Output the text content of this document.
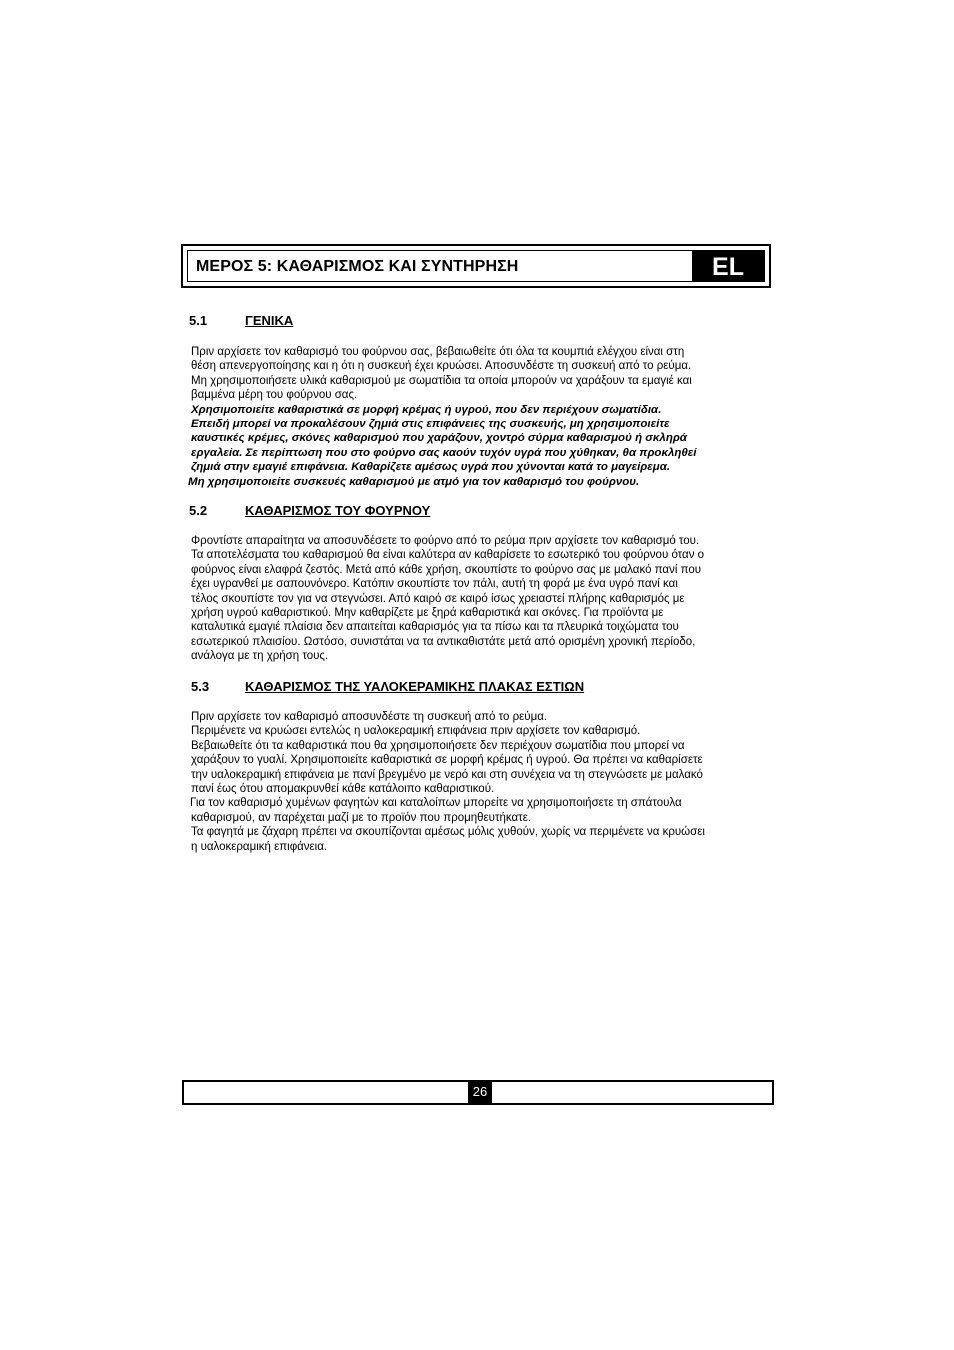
ΜΕΡΟΣ 5: ΚΑΘΑΡΙΣΜΟΣ ΚΑΙ ΣΥΝΤΗΡΗΣΗ	EL
5.1	ΓΕΝΙΚΑ
Πριν αρχίσετε τον καθαρισμό του φούρνου σας, βεβαιωθείτε ότι όλα τα κουμπιά ελέγχου είναι στη
θέση απενεργοποίησης και η ότι η συσκευή έχει κρυώσει. Αποσυνδέστε τη συσκευή από το ρεύμα.
Μη χρησιμοποιήσετε υλικά καθαρισμού με σωματίδια τα οποία μπορούν να χαράξουν τα εμαγιέ και
βαμμένα μέρη του φούρνου σας.
Χρησιμοποιείτε καθαριστικά σε μορφή κρέμας ή υγρού, που δεν περιέχουν σωματίδια.
Επειδή μπορεί να προκαλέσουν ζημιά στις επιφάνειες της συσκευής, μη χρησιμοποιείτε
καυστικές κρέμες, σκόνες καθαρισμού που χαράζουν, χοντρό σύρμα καθαρισμού ή σκληρά
εργαλεία. Σε περίπτωση που στο φούρνο σας καούν τυχόν υγρά που χύθηκαν, θα προκληθεί
ζημιά στην εμαγιέ επιφάνεια. Καθαρίζετε αμέσως υγρά που χύνονται κατά το μαγείρεμα.
Μη χρησιμοποιείτε συσκευές καθαρισμού με ατμό για τον καθαρισμό του φούρνου.
5.2	ΚΑΘΑΡΙΣΜΟΣ ΤΟΥ ΦΟΥΡΝΟΥ
Φροντίστε απαραίτητα να αποσυνδέσετε το φούρνο από το ρεύμα πριν αρχίσετε τον καθαρισμό του.
Τα αποτελέσματα του καθαρισμού θα είναι καλύτερα αν καθαρίσετε το εσωτερικό του φούρνου όταν ο
φούρνος είναι ελαφρά ζεστός. Μετά από κάθε χρήση, σκουπίστε το φούρνο σας με μαλακό πανί που
έχει υγρανθεί με σαπουνόνερο. Κατόπιν σκουπίστε τον πάλι, αυτή τη φορά με ένα υγρό πανί και
τέλος σκουπίστε τον για να στεγνώσει. Από καιρό σε καιρό ίσως χρειαστεί πλήρης καθαρισμός με
χρήση υγρού καθαριστικού. Μην καθαρίζετε με ξηρά καθαριστικά και σκόνες. Για προϊόντα με
καταλυτικά εμαγιέ πλαίσια δεν απαιτείται καθαρισμός για τα πίσω και τα πλευρικά τοιχώματα του
εσωτερικού πλαισίου. Ωστόσο, συνιστάται να τα αντικαθιστάτε μετά από ορισμένη χρονική περίοδο,
ανάλογα με τη χρήση τους.
5.3	ΚΑΘΑΡΙΣΜΟΣ ΤΗΣ ΥΑΛΟΚΕΡΑΜΙΚΗΣ ΠΛΑΚΑΣ ΕΣΤΙΩΝ
Πριν αρχίσετε τον καθαρισμό αποσυνδέστε τη συσκευή από το ρεύμα.
Περιμένετε να κρυώσει εντελώς η υαλοκεραμική επιφάνεια πριν αρχίσετε τον καθαρισμό.
Βεβαιωθείτε ότι τα καθαριστικά που θα χρησιμοποιήσετε δεν περιέχουν σωματίδια που μπορεί να
χαράξουν το γυαλί. Χρησιμοποιείτε καθαριστικά σε μορφή κρέμας ή υγρού. Θα πρέπει να καθαρίσετε
την υαλοκεραμική επιφάνεια με πανί βρεγμένο με νερό και στη συνέχεια να τη στεγνώσετε με μαλακό
πανί έως ότου απομακρυνθεί κάθε κατάλοιπο καθαριστικού.
Για τον καθαρισμό χυμένων φαγητών και καταλοίπων μπορείτε να χρησιμοποιήσετε τη σπάτουλα
καθαρισμού, αν παρέχεται μαζί με το προϊόν που προμηθευτήκατε.
Τα φαγητά με ζάχαρη πρέπει να σκουπίζονται αμέσως μόλις χυθούν, χωρίς να περιμένετε να κρυώσει
η υαλοκεραμική επιφάνεια.
26
